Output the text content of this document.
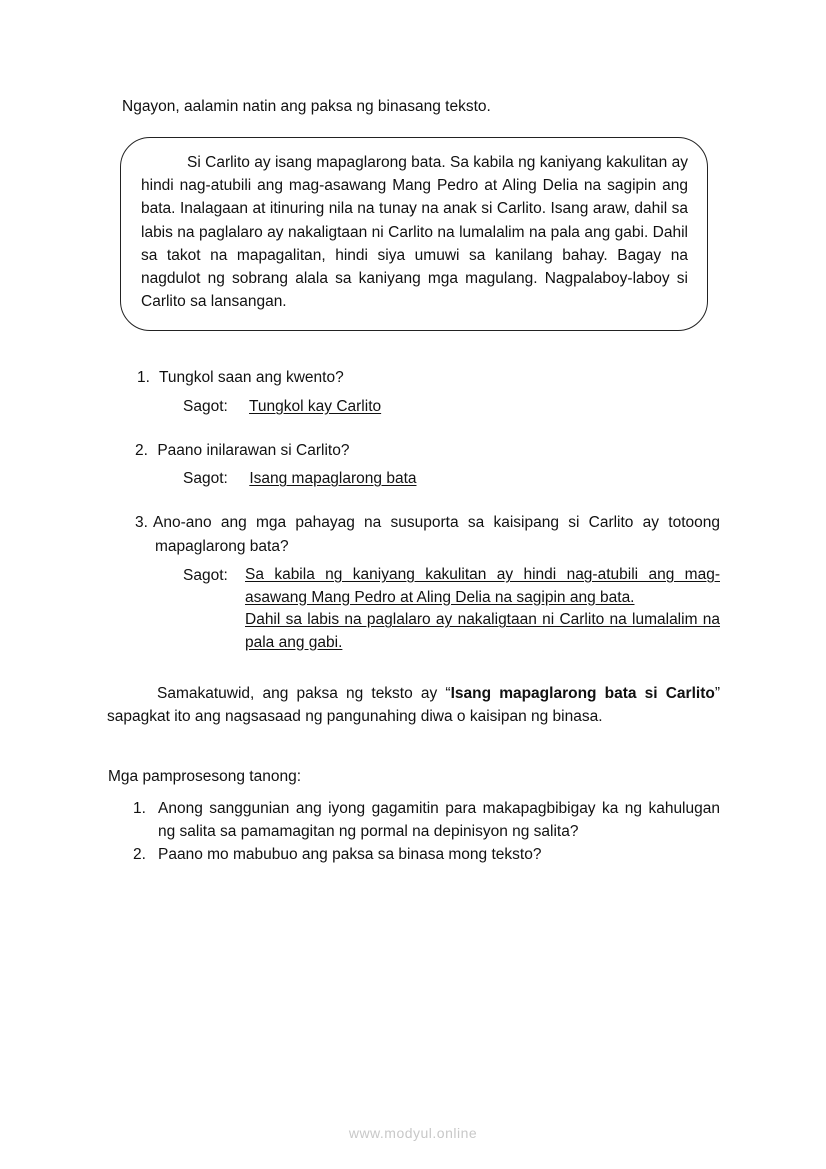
Ngayon, aalamin natin ang paksa ng binasang teksto.
Si Carlito ay isang mapaglarong bata. Sa kabila ng kaniyang kakulitan ay hindi nag-atubili ang mag-asawang Mang Pedro at Aling Delia na sagipin ang bata. Inalagaan at itinuring nila na tunay na anak si Carlito. Isang araw, dahil sa labis na paglalaro ay nakaligtaan ni Carlito na lumalalim na pala ang gabi. Dahil sa takot na mapagalitan, hindi siya umuwi sa kanilang bahay. Bagay na nagdulot ng sobrang alala sa kaniyang mga magulang. Nagpalaboy-laboy si Carlito sa lansangan.
1. Tungkol saan ang kwento?
Sagot: Tungkol kay Carlito
2. Paano inilarawan si Carlito?
Sagot: Isang mapaglarong bata
3. Ano-ano ang mga pahayag na susuporta sa kaisipang si Carlito ay totoong
mapaglarong bata?
Sagot:	Sa kabila ng kaniyang kakulitan ay hindi nag-atubili ang mag-asawang Mang Pedro at Aling Delia na sagipin ang bata.
Dahil sa labis na paglalaro ay nakaligtaan ni Carlito na lumalalim na pala ang gabi.
Samakatuwid, ang paksa ng teksto ay “Isang mapaglarong bata si Carlito” sapagkat ito ang nagsasaad ng pangunahing diwa o kaisipan ng binasa.
Mga pamprosesong tanong:
1. Anong sanggunian ang iyong gagamitin para makapagbibigay ka ng kahulugan ng salita sa pamamagitan ng pormal na depinisyon ng salita?
2. Paano mo mabubuo ang paksa sa binasa mong teksto?
www.modyul.online
